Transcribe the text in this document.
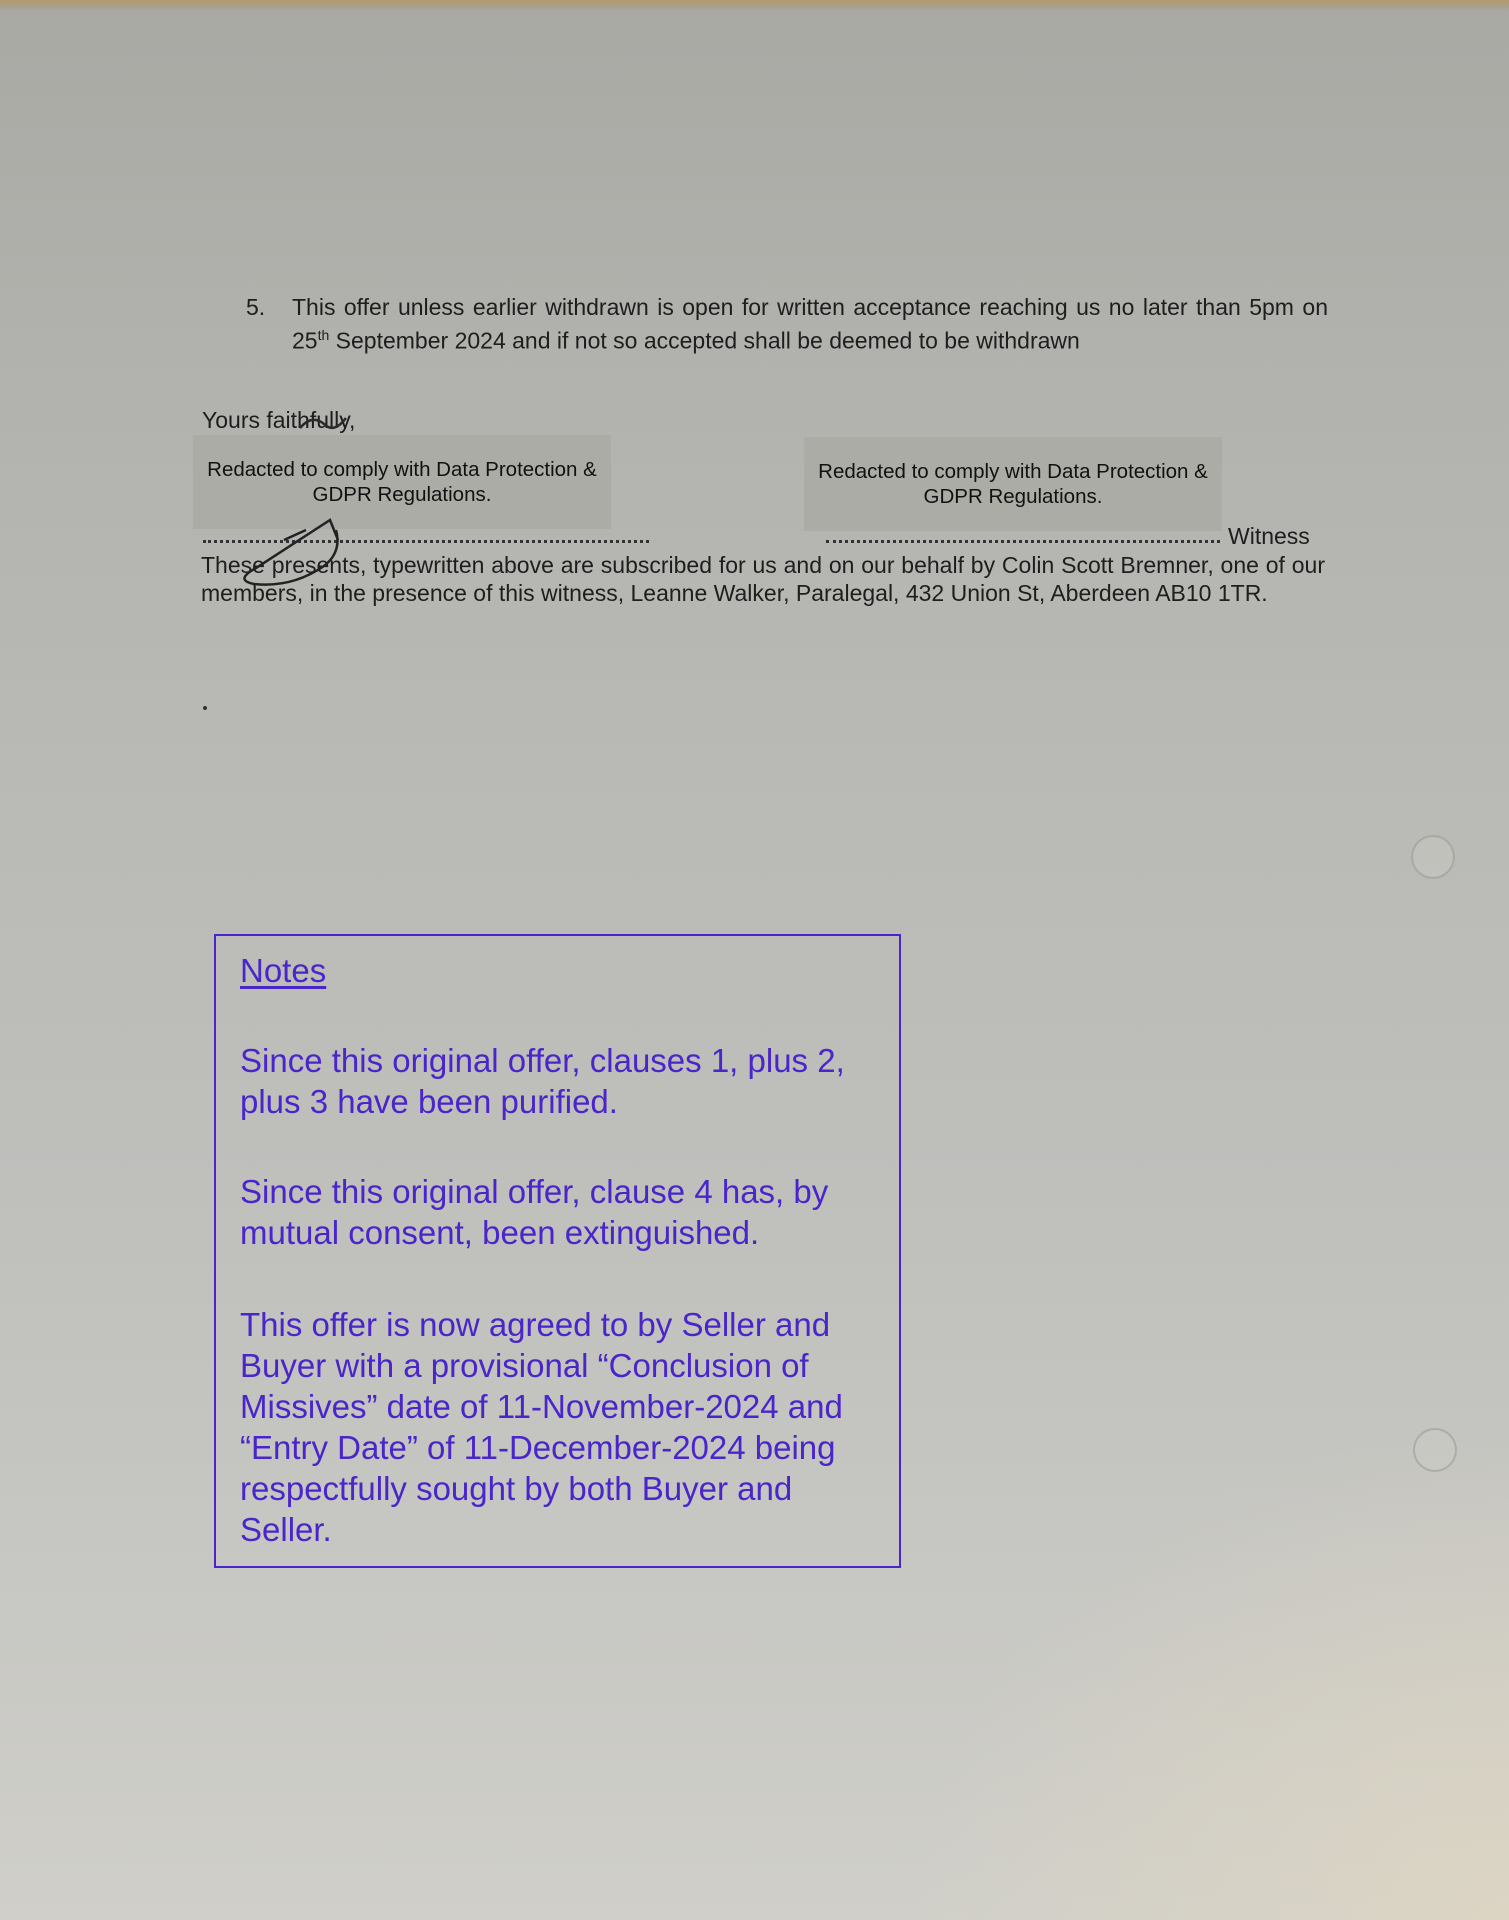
5. This offer unless earlier withdrawn is open for written acceptance reaching us no later than 5pm on 25th September 2024 and if not so accepted shall be deemed to be withdrawn
Yours faithfully,
Redacted to comply with Data Protection & GDPR Regulations.
Redacted to comply with Data Protection & GDPR Regulations.
Witness
These presents, typewritten above are subscribed for us and on our behalf by Colin Scott Bremner, one of our members, in the presence of this witness, Leanne Walker, Paralegal, 432 Union St, Aberdeen AB10 1TR.
Notes

Since this original offer, clauses 1, plus 2, plus 3 have been purified.

Since this original offer, clause 4 has, by mutual consent, been extinguished.

This offer is now agreed to by Seller and Buyer with a provisional “Conclusion of Missives” date of 11-November-2024 and “Entry Date” of 11-December-2024 being respectfully sought by both Buyer and Seller.
